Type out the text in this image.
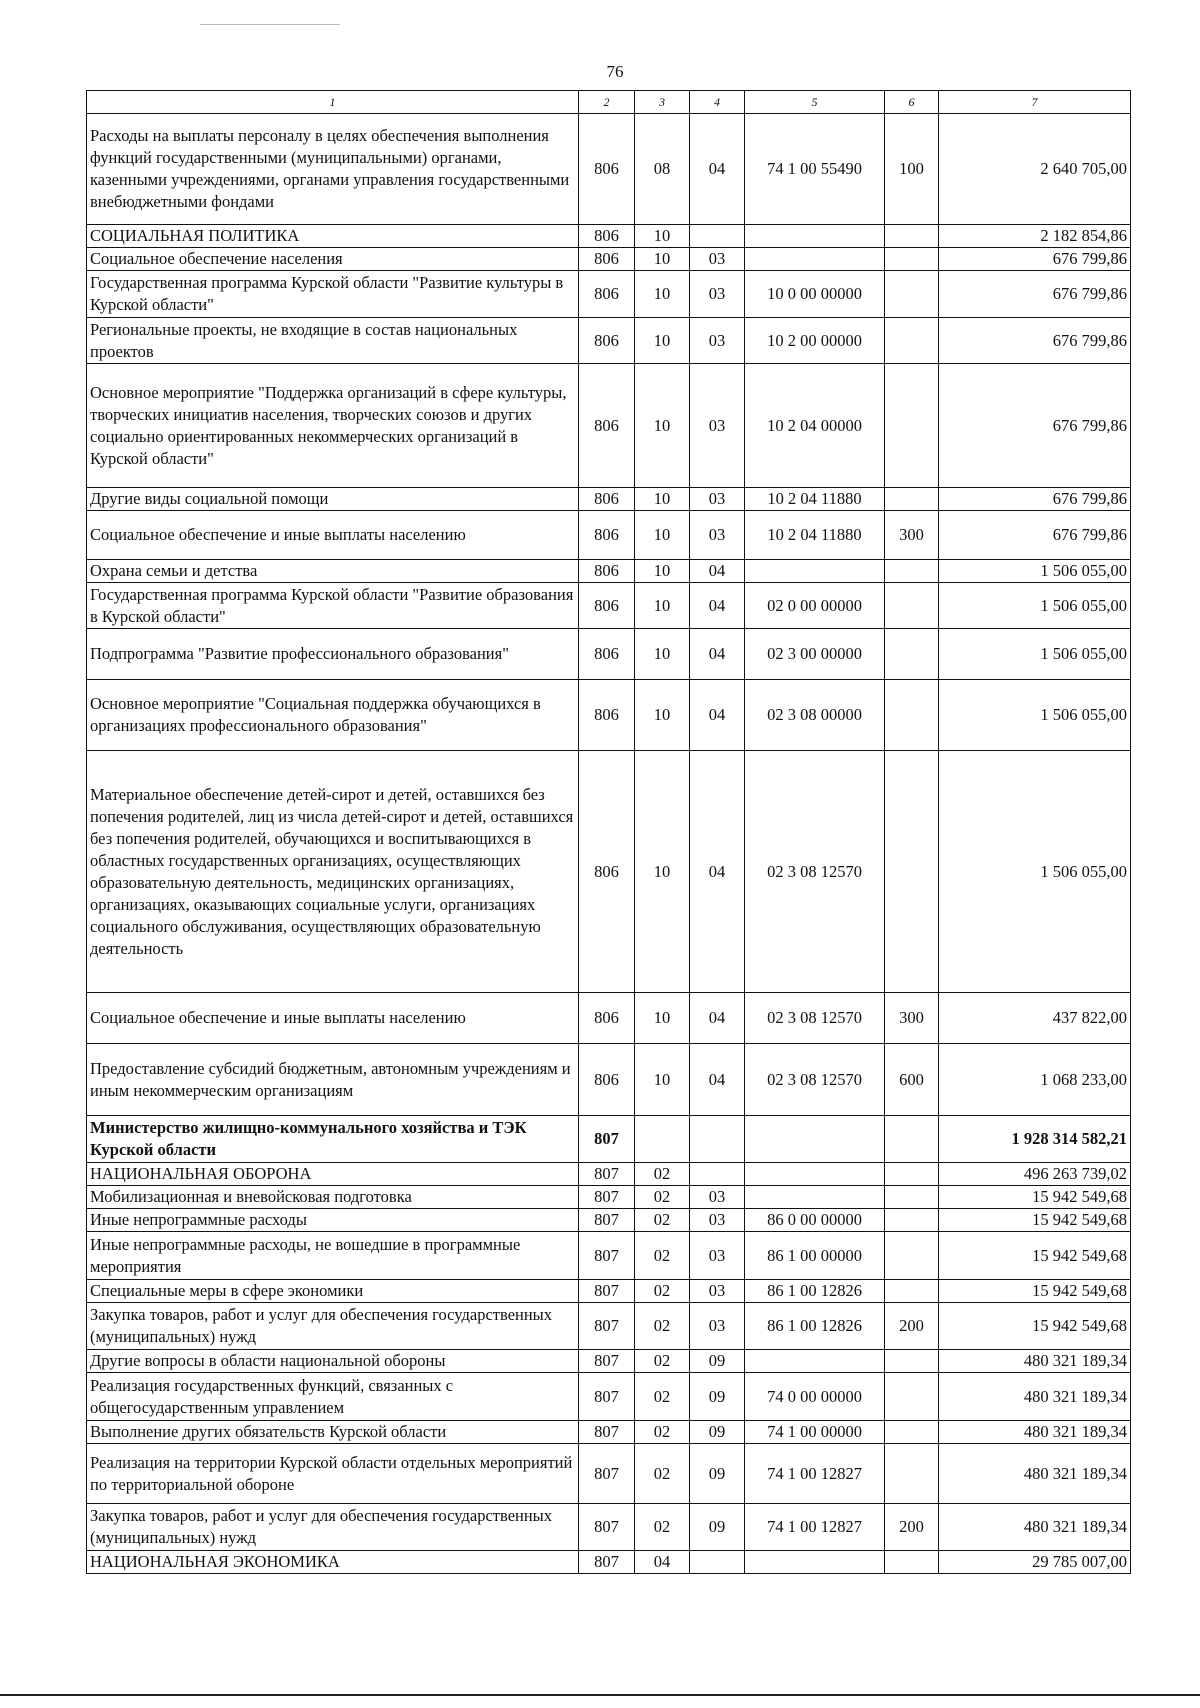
76
1	2	3	4	5	6	7
Расходы на выплаты персоналу в целях обеспечения выполнения функций государственными (муниципальными) органами, казенными учреждениями, органами управления государственными внебюджетными фондами	806	08	04	74 1 00 55490	100	2 640 705,00
СОЦИАЛЬНАЯ ПОЛИТИКА	806	10				2 182 854,86
Социальное обеспечение населения	806	10	03			676 799,86
Государственная программа Курской области "Развитие культуры в Курской области"	806	10	03	10 0 00 00000		676 799,86
Региональные проекты, не входящие в состав национальных проектов	806	10	03	10 2 00 00000		676 799,86
Основное мероприятие "Поддержка организаций в сфере культуры, творческих инициатив населения, творческих союзов и других социально ориентированных некоммерческих организаций в Курской области"	806	10	03	10 2 04 00000		676 799,86
Другие виды социальной помощи	806	10	03	10 2 04 11880		676 799,86
Социальное обеспечение и иные выплаты населению	806	10	03	10 2 04 11880	300	676 799,86
Охрана семьи и детства	806	10	04			1 506 055,00
Государственная программа Курской области "Развитие образования в Курской области"	806	10	04	02 0 00 00000		1 506 055,00
Подпрограмма "Развитие профессионального образования"	806	10	04	02 3 00 00000		1 506 055,00
Основное мероприятие "Социальная поддержка обучающихся в организациях профессионального образования"	806	10	04	02 3 08 00000		1 506 055,00
Материальное обеспечение детей-сирот и детей, оставшихся без попечения родителей, лиц из числа детей-сирот и детей, оставшихся без попечения родителей, обучающихся и воспитывающихся в областных государственных организациях, осуществляющих образовательную деятельность, медицинских организациях, организациях, оказывающих социальные услуги, организациях социального обслуживания, осуществляющих образовательную деятельность	806	10	04	02 3 08 12570		1 506 055,00
Социальное обеспечение и иные выплаты населению	806	10	04	02 3 08 12570	300	437 822,00
Предоставление субсидий бюджетным, автономным учреждениям и иным некоммерческим организациям	806	10	04	02 3 08 12570	600	1 068 233,00
Министерство жилищно-коммунального хозяйства и ТЭК Курской области	807					1 928 314 582,21
НАЦИОНАЛЬНАЯ ОБОРОНА	807	02				496 263 739,02
Мобилизационная и вневойсковая подготовка	807	02	03			15 942 549,68
Иные непрограммные расходы	807	02	03	86 0 00 00000		15 942 549,68
Иные непрограммные расходы, не вошедшие в программные мероприятия	807	02	03	86 1 00 00000		15 942 549,68
Специальные меры в сфере экономики	807	02	03	86 1 00 12826		15 942 549,68
Закупка товаров, работ и услуг для обеспечения государственных (муниципальных) нужд	807	02	03	86 1 00 12826	200	15 942 549,68
Другие вопросы в области национальной обороны	807	02	09			480 321 189,34
Реализация государственных функций, связанных с общегосударственным управлением	807	02	09	74 0 00 00000		480 321 189,34
Выполнение других обязательств Курской области	807	02	09	74 1 00 00000		480 321 189,34
Реализация на территории Курской области отдельных мероприятий по территориальной обороне	807	02	09	74 1 00 12827		480 321 189,34
Закупка товаров, работ и услуг для обеспечения государственных (муниципальных) нужд	807	02	09	74 1 00 12827	200	480 321 189,34
НАЦИОНАЛЬНАЯ ЭКОНОМИКА	807	04				29 785 007,00
